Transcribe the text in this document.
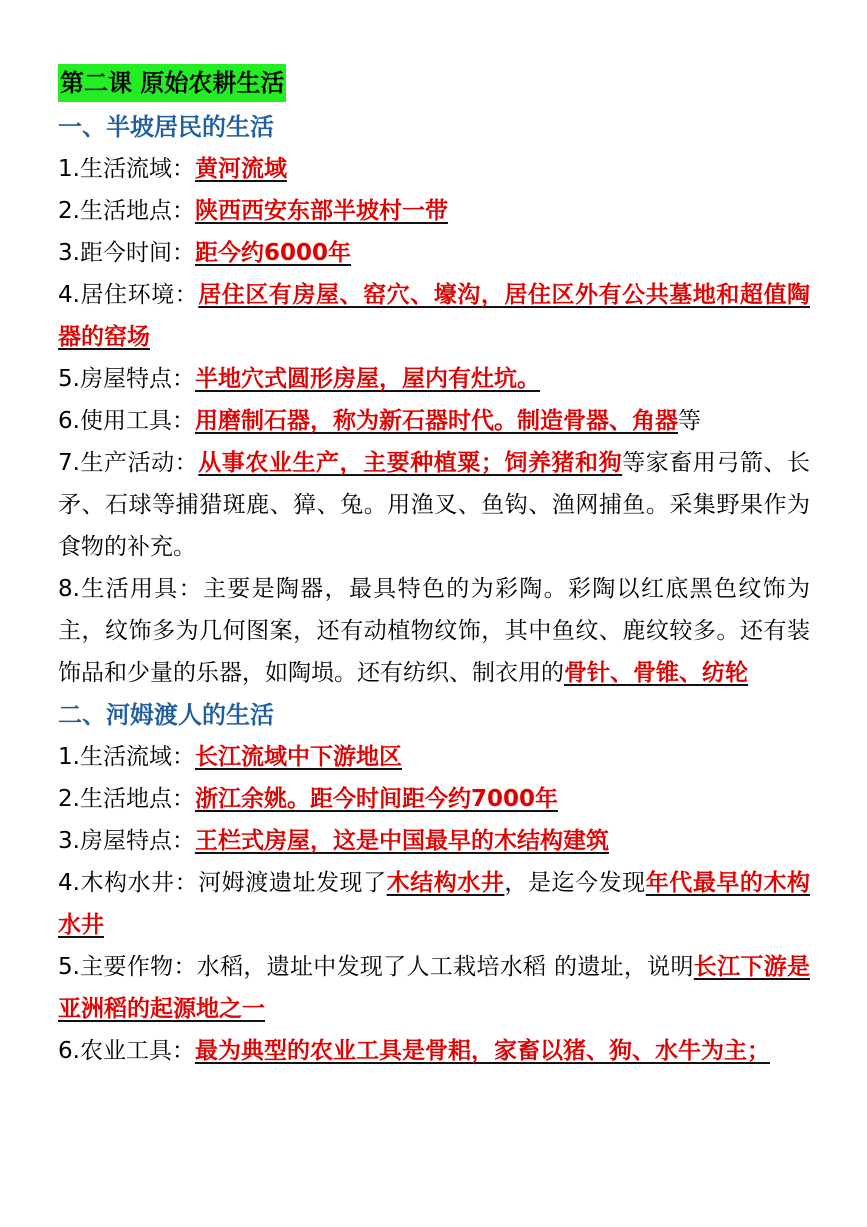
第二课 原始农耕生活

一、半坡居民的生活

1.生活流域：黄河流域

2.生活地点：陕西西安东部半坡村一带

3.距今时间：距今约6000年

4.居住环境：居住区有房屋、窑穴、壕沟，居住区外有公共墓地和超值陶器的窑场

5.房屋特点：半地穴式圆形房屋，屋内有灶坑。

6.使用工具：用磨制石器，称为新石器时代。制造骨器、角器等

7.生产活动：从事农业生产，主要种植粟；饲养猪和狗等家畜用弓箭、长矛、石球等捕猎斑鹿、獐、兔。用渔叉、鱼钩、渔网捕鱼。采集野果作为食物的补充。

8.生活用具：主要是陶器，最具特色的为彩陶。彩陶以红底黑色纹饰为主，纹饰多为几何图案，还有动植物纹饰，其中鱼纹、鹿纹较多。还有装饰品和少量的乐器，如陶埙。还有纺织、制衣用的骨针、骨锥、纺轮

二、河姆渡人的生活

1.生活流域：长江流域中下游地区

2.生活地点：浙江余姚。距今时间距今约7000年

3.房屋特点：王栏式房屋，这是中国最早的木结构建筑

4.木构水井：河姆渡遗址发现了木结构水井，是迄今发现年代最早的木构水井

5.主要作物：水稻，遗址中发现了人工栽培水稻 的遗址，说明长江下游是亚洲稻的起源地之一

6.农业工具：最为典型的农业工具是骨耜，家畜以猪、狗、水牛为主；
